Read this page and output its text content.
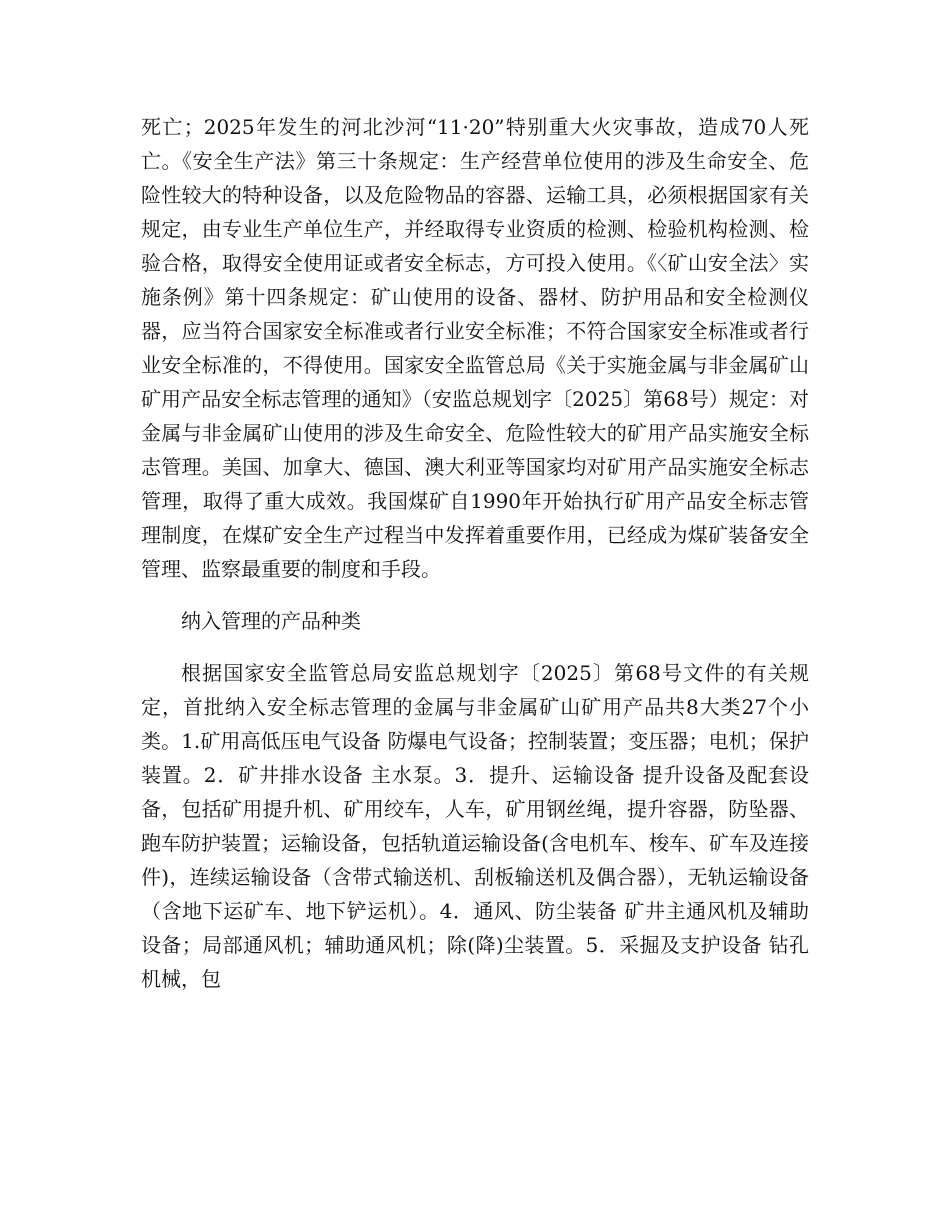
死亡；2025年发生的河北沙河“11·20”特别重大火灾事故，造成70人死亡。《安全生产法》第三十条规定：生产经营单位使用的涉及生命安全、危险性较大的特种设备，以及危险物品的容器、运输工具，必须根据国家有关规定，由专业生产单位生产，并经取得专业资质的检测、检验机构检测、检验合格，取得安全使用证或者安全标志，方可投入使用。《〈矿山安全法〉实施条例》第十四条规定：矿山使用的设备、器材、防护用品和安全检测仪器，应当符合国家安全标准或者行业安全标准；不符合国家安全标准或者行业安全标准的，不得使用。国家安全监管总局《关于实施金属与非金属矿山矿用产品安全标志管理的通知》（安监总规划字〔2025〕第68号）规定：对金属与非金属矿山使用的涉及生命安全、危险性较大的矿用产品实施安全标志管理。美国、加拿大、德国、澳大利亚等国家均对矿用产品实施安全标志管理，取得了重大成效。我国煤矿自1990年开始执行矿用产品安全标志管理制度，在煤矿安全生产过程当中发挥着重要作用，已经成为煤矿装备安全管理、监察最重要的制度和手段。

纳入管理的产品种类

根据国家安全监管总局安监总规划字〔2025〕第68号文件的有关规定，首批纳入安全标志管理的金属与非金属矿山矿用产品共8大类27个小类。1.矿用高低压电气设备 防爆电气设备；控制装置；变压器；电机；保护装置。2．矿井排水设备 主水泵。3．提升、运输设备 提升设备及配套设备，包括矿用提升机、矿用绞车，人车，矿用钢丝绳，提升容器，防坠器、跑车防护装置；运输设备，包括轨道运输设备(含电机车、梭车、矿车及连接件)，连续运输设备（含带式输送机、刮板输送机及偶合器），无轨运输设备（含地下运矿车、地下铲运机）。4．通风、防尘装备 矿井主通风机及辅助设备；局部通风机；辅助通风机；除(降)尘装置。5．采掘及支护设备 钻孔机械，包
